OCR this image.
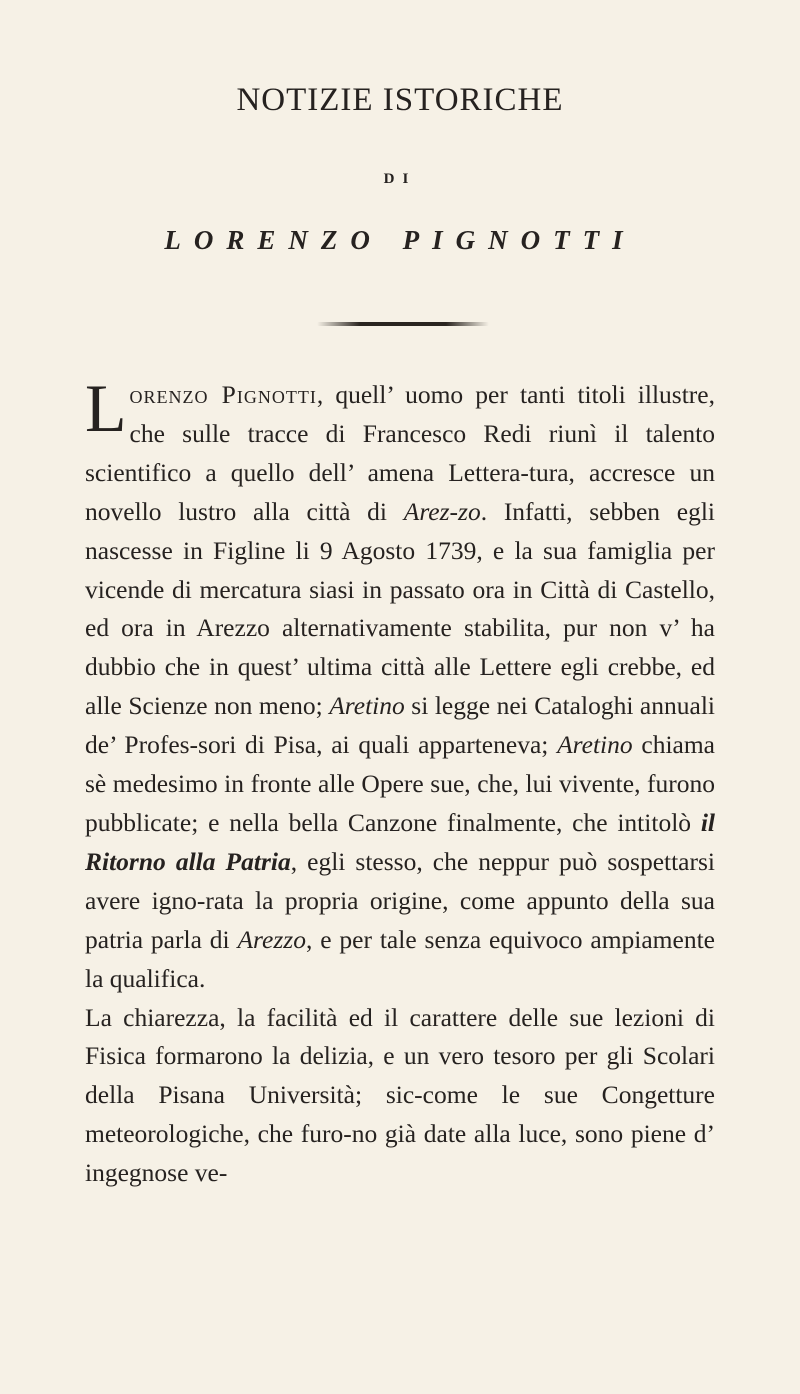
NOTIZIE ISTORICHE
DI
LORENZO PIGNOTTI

Lorenzo Pignotti, quell’ uomo per tanti titoli illustre, che sulle tracce di Francesco Redi riunì il talento scientifico a quello dell’ amena Lettera-tura, accresce un novello lustro alla città di Arez-zo. Infatti, sebben egli nascesse in Figline li 9 Agosto 1739, e la sua famiglia per vicende di mercatura siasi in passato ora in Città di Castello, ed ora in Arezzo alternativamente stabilita, pur non v’ ha dubbio che in quest’ ultima città alle Lettere egli crebbe, ed alle Scienze non meno; Aretino si legge nei Cataloghi annuali de’ Profes-sori di Pisa, ai quali apparteneva; Aretino chiama sè medesimo in fronte alle Opere sue, che, lui vivente, furono pubblicate; e nella bella Canzone finalmente, che intitolò il Ritorno alla Patria, egli stesso, che neppur può sospettarsi avere igno-rata la propria origine, come appunto della sua patria parla di Arezzo, e per tale senza equivoco ampiamente la qualifica.
La chiarezza, la facilità ed il carattere delle sue lezioni di Fisica formarono la delizia, e un vero tesoro per gli Scolari della Pisana Università; sic-come le sue Congetture meteorologiche, che furo-no già date alla luce, sono piene d’ ingegnose ve-
